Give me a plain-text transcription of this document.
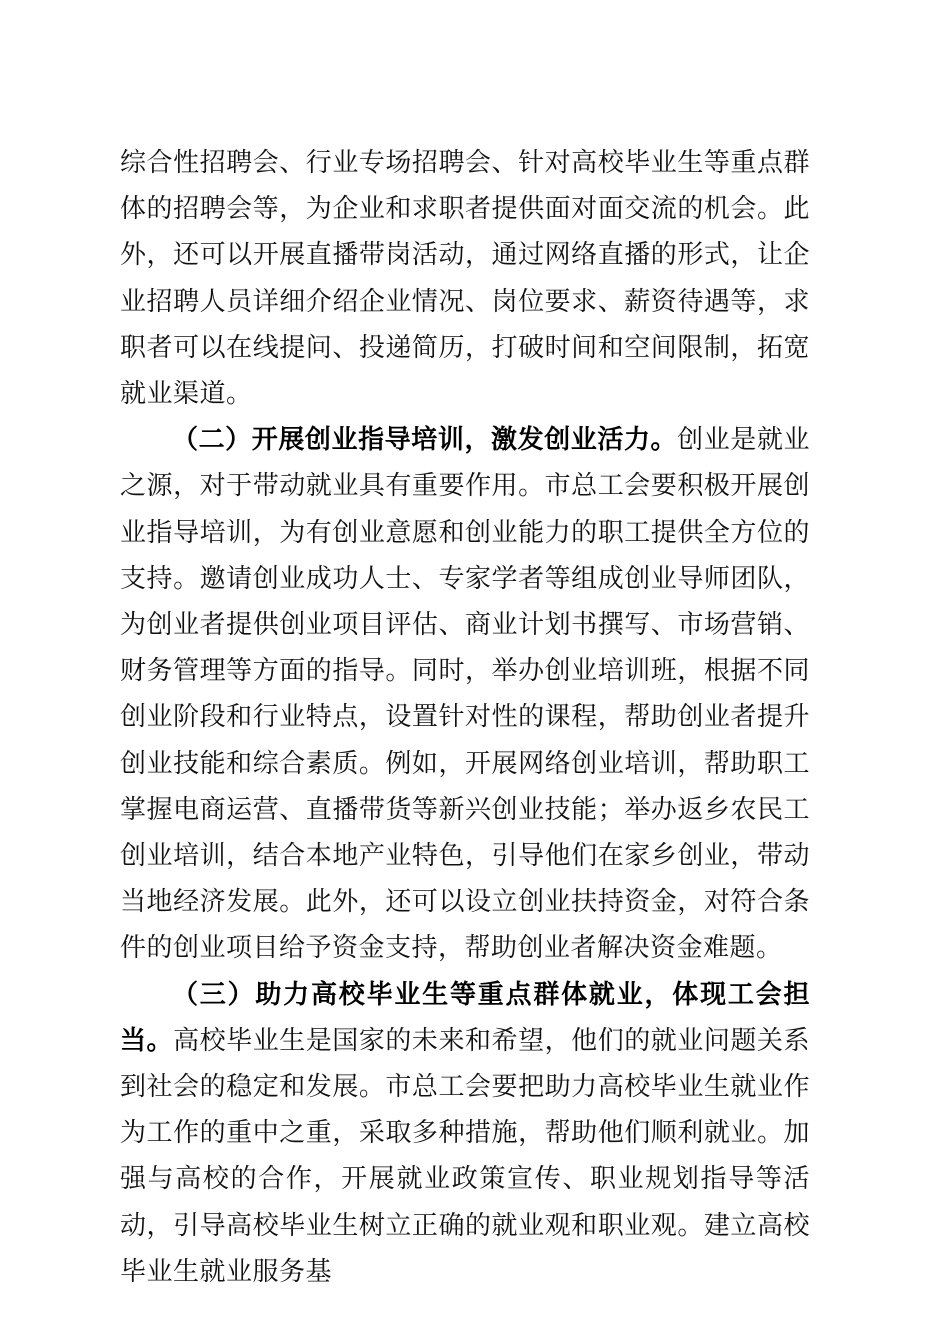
综合性招聘会、行业专场招聘会、针对高校毕业生等重点群体的招聘会等，为企业和求职者提供面对面交流的机会。此外，还可以开展直播带岗活动，通过网络直播的形式，让企业招聘人员详细介绍企业情况、岗位要求、薪资待遇等，求职者可以在线提问、投递简历，打破时间和空间限制，拓宽就业渠道。

（二）开展创业指导培训，激发创业活力。创业是就业之源，对于带动就业具有重要作用。市总工会要积极开展创业指导培训，为有创业意愿和创业能力的职工提供全方位的支持。邀请创业成功人士、专家学者等组成创业导师团队，为创业者提供创业项目评估、商业计划书撰写、市场营销、财务管理等方面的指导。同时，举办创业培训班，根据不同创业阶段和行业特点，设置针对性的课程，帮助创业者提升创业技能和综合素质。例如，开展网络创业培训，帮助职工掌握电商运营、直播带货等新兴创业技能；举办返乡农民工创业培训，结合本地产业特色，引导他们在家乡创业，带动当地经济发展。此外，还可以设立创业扶持资金，对符合条件的创业项目给予资金支持，帮助创业者解决资金难题。

（三）助力高校毕业生等重点群体就业，体现工会担当。高校毕业生是国家的未来和希望，他们的就业问题关系到社会的稳定和发展。市总工会要把助力高校毕业生就业作为工作的重中之重，采取多种措施，帮助他们顺利就业。加强与高校的合作，开展就业政策宣传、职业规划指导等活动，引导高校毕业生树立正确的就业观和职业观。建立高校毕业生就业服务基
